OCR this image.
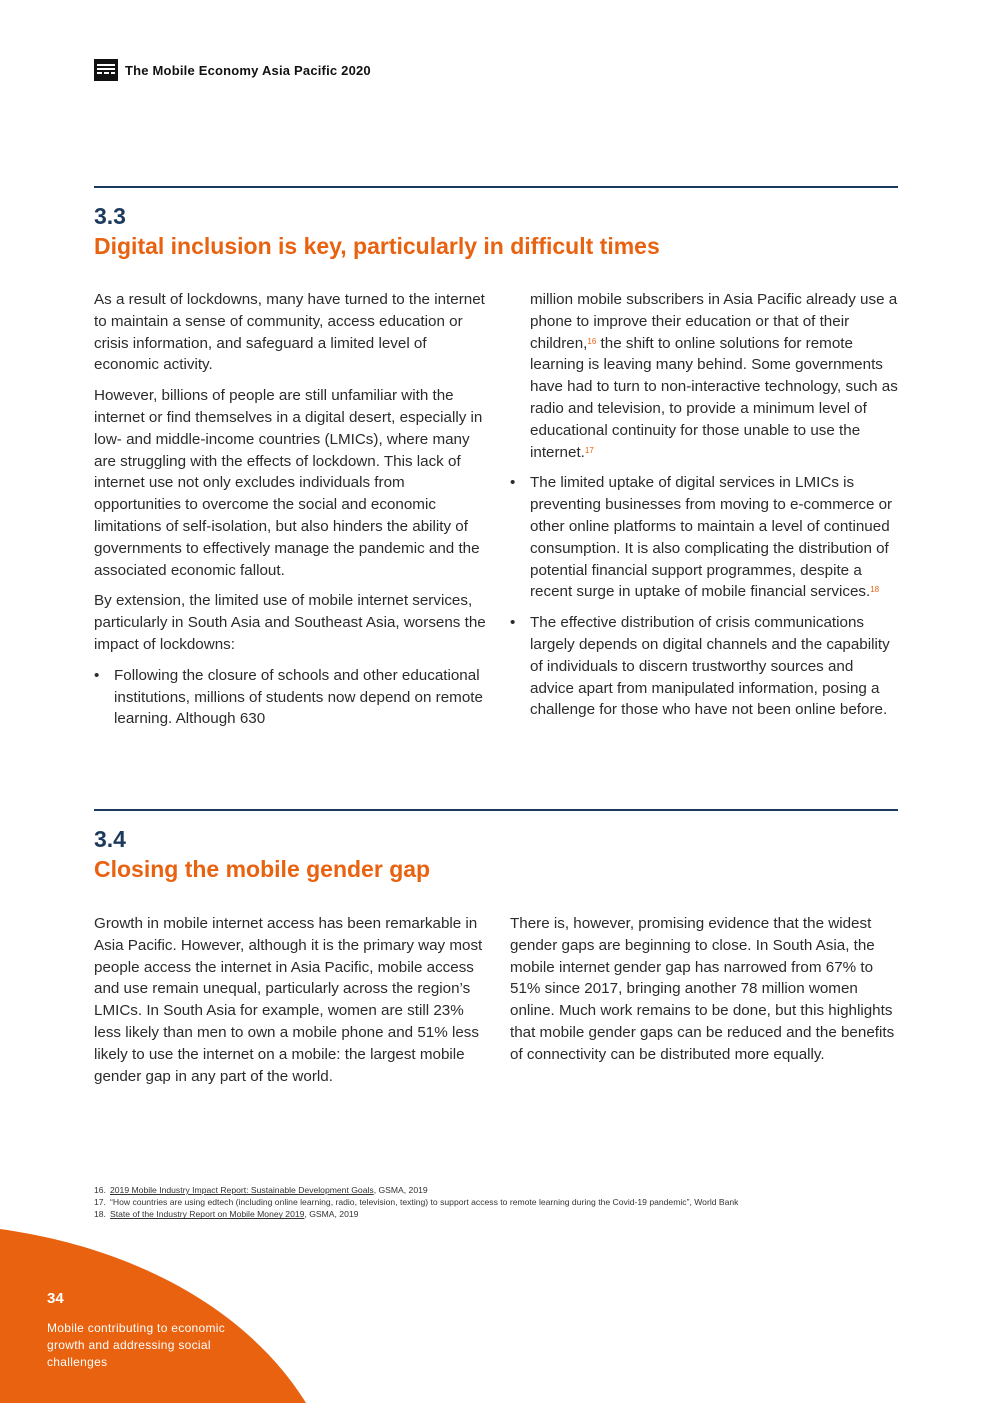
The Mobile Economy Asia Pacific 2020
3.3
Digital inclusion is key, particularly in difficult times

As a result of lockdowns, many have turned to the internet to maintain a sense of community, access education or crisis information, and safeguard a limited level of economic activity.

However, billions of people are still unfamiliar with the internet or find themselves in a digital desert, especially in low- and middle-income countries (LMICs), where many are struggling with the effects of lockdown. This lack of internet use not only excludes individuals from opportunities to overcome the social and economic limitations of self-isolation, but also hinders the ability of governments to effectively manage the pandemic and the associated economic fallout.

By extension, the limited use of mobile internet services, particularly in South Asia and Southeast Asia, worsens the impact of lockdowns:

• Following the closure of schools and other educational institutions, millions of students now depend on remote learning. Although 630
million mobile subscribers in Asia Pacific already use a phone to improve their education or that of their children,$^{16}$ the shift to online solutions for remote learning is leaving many behind. Some governments have had to turn to non-interactive technology, such as radio and television, to provide a minimum level of educational continuity for those unable to use the internet.$^{17}$
• The limited uptake of digital services in LMICs is preventing businesses from moving to e-commerce or other online platforms to maintain a level of continued consumption. It is also complicating the distribution of potential financial support programmes, despite a recent surge in uptake of mobile financial services.$^{18}$
• The effective distribution of crisis communications largely depends on digital channels and the capability of individuals to discern trustworthy sources and advice apart from manipulated information, posing a challenge for those who have not been online before.
3.4
Closing the mobile gender gap

Growth in mobile internet access has been remarkable in Asia Pacific. However, although it is the primary way most people access the internet in Asia Pacific, mobile access and use remain unequal, particularly across the region’s LMICs. In South Asia for example, women are still 23% less likely than men to own a mobile phone and 51% less likely to use the internet on a mobile: the largest mobile gender gap in any part of the world.

There is, however, promising evidence that the widest gender gaps are beginning to close. In South Asia, the mobile internet gender gap has narrowed from 67% to 51% since 2017, bringing another 78 million women online. Much work remains to be done, but this highlights that mobile gender gaps can be reduced and the benefits of connectivity can be distributed more equally.

16. 2019 Mobile Industry Impact Report: Sustainable Development Goals, GSMA, 2019
17. “How countries are using edtech (including online learning, radio, television, texting) to support access to remote learning during the Covid-19 pandemic”, World Bank
18. State of the Industry Report on Mobile Money 2019, GSMA, 2019
34
Mobile contributing to economic growth and addressing social challenges
